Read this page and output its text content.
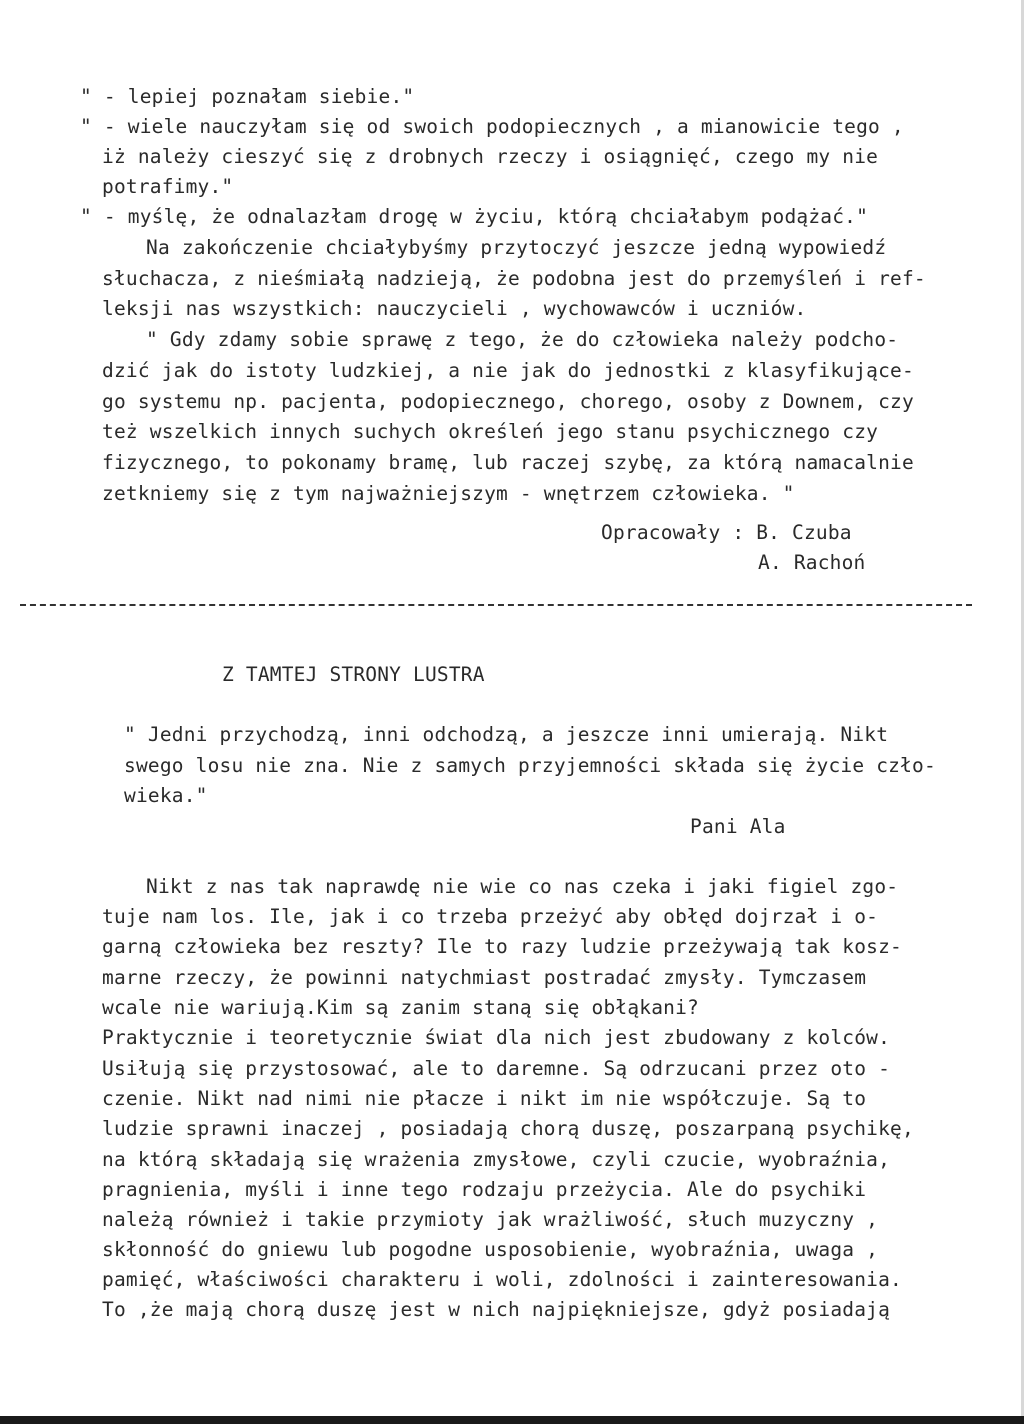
" - lepiej poznałam siebie."
" - wiele nauczyłam się od swoich podopiecznych , a mianowicie tego ,
iż należy cieszyć się z drobnych rzeczy i osiągnięć, czego my nie
potrafimy."
" - myślę, że odnalazłam drogę w życiu, którą chciałabym podążać."
Na zakończenie chciałybyśmy przytoczyć jeszcze jedną wypowiedź
słuchacza, z nieśmiałą nadzieją, że podobna jest do przemyśleń i ref-
leksji nas wszystkich: nauczycieli , wychowawców i uczniów.
" Gdy zdamy sobie sprawę z tego, że do człowieka należy podcho-
dzić jak do istoty ludzkiej, a nie jak do jednostki z klasyfikujące-
go systemu np. pacjenta, podopiecznego, chorego, osoby z Downem, czy
też wszelkich innych suchych określeń jego stanu psychicznego czy
fizycznego, to pokonamy bramę, lub raczej szybę, za którą namacalnie
zetkniemy się z tym najważniejszym - wnętrzem człowieka. "
Opracowały : B. Czuba
A. Rachoń
Z TAMTEJ STRONY LUSTRA
" Jedni przychodzą, inni odchodzą, a jeszcze inni umierają. Nikt
swego losu nie zna. Nie z samych przyjemności składa się życie czło-
wieka."
Pani Ala
Nikt z nas tak naprawdę nie wie co nas czeka i jaki figiel zgo-
tuje nam los. Ile, jak i co trzeba przeżyć aby obłęd dojrzał i o-
garną człowieka bez reszty? Ile to razy ludzie przeżywają tak kosz-
marne rzeczy, że powinni natychmiast postradać zmysły. Tymczasem
wcale nie wariują.Kim są zanim staną się obłąkani?
Praktycznie i teoretycznie świat dla nich jest zbudowany z kolców.
Usiłują się przystosować, ale to daremne. Są odrzucani przez oto -
czenie. Nikt nad nimi nie płacze i nikt im nie współczuje. Są to
ludzie sprawni inaczej , posiadają chorą duszę, poszarpaną psychikę,
na którą składają się wrażenia zmysłowe, czyli czucie, wyobraźnia,
pragnienia, myśli i inne tego rodzaju przeżycia. Ale do psychiki
należą również i takie przymioty jak wrażliwość, słuch muzyczny ,
skłonność do gniewu lub pogodne usposobienie, wyobraźnia, uwaga ,
pamięć, właściwości charakteru i woli, zdolności i zainteresowania.
To ,że mają chorą duszę jest w nich najpiękniejsze, gdyż posiadają
